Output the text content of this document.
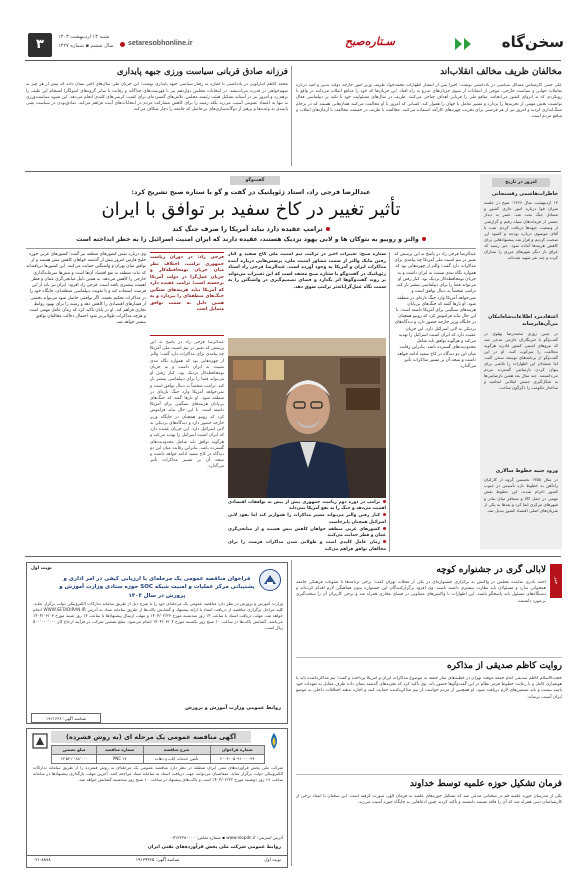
۳	شنبه ۱۳ اردیبهشت ۱۴۰۳
سال ششم ▪ شماره ۱۲۲۷ setaresobhonline.ir	سـتاره‌صبح	سخن‌گاه
مخالفان ظریف مخالف انقلاب‌اند
علی جنتی کارشناس مسائل سیاسی در یادداشتی نوشت: اخیراً پس از انتشار اظهارات محمدجواد ظریف وزیر امور خارجه دولت تدبیر و امید درباره تعاملات جهانی و سیاست خارجی، موجی از انتقادات از سوی جریان‌های تندرو به راه افتاد. این جریان‌ها که خود را مدافع انقلاب می‌دانند در واقع با رویکردی که به انزوای کشور می‌انجامد، منافع ملی را قربانی اهداف جناحی می‌کنند. ظریف در سال‌های مسئولیت خود با تکیه بر دیپلماسی فعال توانست بخش مهمی از تحریم‌ها را بردارد و مسیر تعامل با جهان را هموار کند. کسانی که امروز با او مخالفت می‌کنند همان‌هایی هستند که در برجام سنگ‌اندازی کردند و امروز نیز از هر فرصتی برای تخریب چهره‌های کارآمد استفاده می‌کنند. مخالفت با ظریف در حقیقت مخالفت با آرمان‌های انقلاب و منافع مردم است.
فرزانه صادق قربانی سیاست ورزی جبهه پایداری
محمد کاظم انبارلویی در یادداشتی با اشاره به رفتار سیاسی جبهه پایداری نوشت: این جریان طی سال‌های اخیر نشان داده که بیش از هر چیز به سهم‌خواهی در قدرت می‌اندیشد. در انتخابات مجلس دوازدهم نیز با فهرست‌های جداگانه و رقابت با سایر گروه‌های اصولگرا انسجام این طیف را برهم زد و امروز نیز در آستانه تشکیل هیئت رئیسه مجلس، تلاش‌های گسترده‌ای برای کسب کرسی‌های کلیدی انجام می‌دهد. این شیوه سیاست‌ورزی نه تنها به اعتماد عمومی آسیب می‌زند بلکه زمینه را برای کاهش مشارکت مردم در انتخابات‌های آینده فراهم می‌کند. صادق‌بودن در سیاست یعنی پایبندی به وعده‌ها و پرهیز از دوگانه‌سازی‌های بی‌حاصل که جامعه را دچار شکاف می‌کند.
امروز در تاریخ
خاطرات‌هاشمی رفسنجانی
۱۳ اردیبهشت سال ۱۳۶۶: صبح در جلسه سران قوا درباره امور جاری کشور و مسائل جنگ بحث شد. عصر به دیدار جمعی از فرماندهان سپاه رفتم و گزارشی از وضعیت جبهه‌ها دریافت کردم. شب با آقای موسوی درباره بودجه و کمبود ارز صحبت کردیم و قرار شد پیشنهادهایی برای کاهش هزینه‌ها آماده شود. خبر رسید که عراق بار دیگر شهرهای مرزی را بمباران کرده و چند نفر شهید شده‌اند.
اعتقادمزد اطلاعات‌شاه‌امکان می‌آن‌ها‌برساند
در چنین روزی محمدرضا پهلوی در گفت‌وگو با خبرنگاران خارجی مدعی شد که نیروهای امنیتی کشور قادرند هرگونه مخالفت را سرکوب کنند. او در این گفت‌وگو از برنامه‌های توسعه سخن گفت اما منتقدان این اظهارات را تلاشی برای پنهان کردن نارضایتی گسترده مردم می‌دانستند. چند سال بعد همین نارضایتی‌ها به شکل‌گیری جنبش انقلابی انجامید و ساختار حکومت را دگرگون ساخت.
ورود جنبه خطوط سالاری
در سال ۱۳۵۸ نخستین گروه از کارکنان راه‌آهن به خطوط تازه تأسیس در جنوب کشور اعزام شدند. این خطوط نقش مهمی در حمل کالا و مسافر میان بنادر و شهرهای مرکزی ایفا کرد و بعدها به یکی از شریان‌های اصلی اقتصاد کشور تبدیل شد.
گفت‌وگو
عبدالرضا فرجی راد، استاد ژئوپلتیک در گفت و گو با ستاره صبح تشریح کرد:
تأثیر تغییر در کاخ سفید بر توافق با ایران
ترامپ عقیده دارد نباید آمریکا را صرف جنگ کند
والتز و روبیو به نتوکان ها و لابی یهود نزدیک هستند، عقیده دارند که ایران امنیت اسرائیل را به خطر انداخته است
عبدالرضا فرجی راد در پاسخ به این پرسش که تغییر در تیم امنیت ملی آمریکا چه پیامدی برای مذاکرات دارد گفت: والتز از چهره‌هایی بود که همواره نگاه تندی نسبت به ایران داشت و به جریان نومحافظه‌کار نزدیک بود. کنار رفتن او می‌تواند فضا را برای دیپلماسی بیشتر باز کند. ترامپ شخصاً به دنبال توافق است و نمی‌خواهد آمریکا وارد جنگ تازه‌ای در منطقه شود. او بارها گفته که جنگ‌های بی‌پایان هزینه‌های سنگینی برای آمریکا داشته است. با این حال نباید فراموش کرد که روبیو همچنان در جایگاه وزیر خارجه حضور دارد و دیدگاه‌های نزدیکی به لابی اسرائیل دارد. این جریان عقیده دارد که ایران امنیت اسرائیل را تهدید می‌کند و هرگونه توافق باید شامل محدودیت‌های گسترده باشد. بنابراین رقابت میان این دو دیدگاه در کاخ سفید ادامه خواهد داشت و نتیجه آن بر مسیر مذاکرات تأثیر می‌گذارد.
ستاره صبح: تغییرات اخیر در ترکیب تیم امنیت ملی کاخ سفید و کنار رفتن مایک والتز از سمت مشاور امنیت ملی، پرسش‌هایی درباره آینده مذاکرات ایران و آمریکا به وجود آورده است. عبدالرضا فرجی راد استاد ژئوپلتیک در گفت‌وگو با ستاره صبح معتقد است که این تغییرات می‌تواند بر روند گفت‌وگوها اثر بگذارد و فضای تصمیم‌گیری در واشنگتن را به سمت نگاه عمل‌گرایانه‌تر ترامپ سوق دهد.
فرجی راد: در دوران ریاست جمهوری ترامپ، اختلاف نظر میان جریان نومحافظه‌کار و جریان عمل‌گرا در دولت آمریکا برجسته است؛ ترامپ عقیده دارد که آمریکا نباید هزینه‌های سنگین جنگ‌های منطقه‌ای را بپردازد و به همین دلیل به سمت توافق متمایل است
ترامپ در دوره دوم ریاست جمهوری بیش از پیش به توافقات اقتصادی اهمیت می‌دهد و جنگ را به نفع آمریکا نمی‌داند
کنار رفتن والتز می‌تواند مسیر مذاکرات را هموارتر کند اما نفوذ لابی اسرائیل همچنان پابرجاست
کشورهای عربی منطقه خواهان کاهش تنش هستند و از میانجی‌گری عمان و قطر حمایت می‌کنند
زمان عامل کلیدی است و طولانی شدن مذاکرات فرصت را برای مخالفان توافق فراهم می‌کند
وی درباره نقش کشورهای منطقه نیز گفت: کشورهای عربی حوزه خلیج فارس امروز بیش از گذشته خواهان کاهش تنش هستند و از توافق میان تهران و واشنگتن حمایت می‌کنند. این کشورها دریافته‌اند که ثبات منطقه به نفع اقتصاد آن‌ها است و تنش‌ها سرمایه‌گذاری خارجی را کاهش می‌دهد. به همین دلیل میانجی‌گری عمان و قطر اهمیت بیشتری یافته است. فرجی راد افزود: ایران نیز باید از این فرصت استفاده کند و با تقویت دیپلماسی منطقه‌ای، جایگاه خود را در مذاکرات تحکیم بخشد. اگر توافقی حاصل شود می‌تواند بخشی از فشارهای اقتصادی را کاهش دهد و زمینه را برای بهبود روابط تجاری فراهم کند. او در پایان تأکید کرد که زمان عامل مهمی است و هرچه مذاکرات طولانی‌تر شود احتمال دخالت مخالفان توافق بیشتر خواهد شد.
عبدالرضا فرجی راد در پاسخ به این پرسش که تغییر در تیم امنیت ملی آمریکا چه پیامدی برای مذاکرات دارد گفت: والتز از چهره‌هایی بود که همواره نگاه تندی نسبت به ایران داشت و به جریان نومحافظه‌کار نزدیک بود. کنار رفتن او می‌تواند فضا را برای دیپلماسی بیشتر باز کند. ترامپ شخصاً به دنبال توافق است و نمی‌خواهد آمریکا وارد جنگ تازه‌ای در منطقه شود. او بارها گفته که جنگ‌های بی‌پایان هزینه‌های سنگینی برای آمریکا داشته است. با این حال نباید فراموش کرد که روبیو همچنان در جایگاه وزیر خارجه حضور دارد و دیدگاه‌های نزدیکی به لابی اسرائیل دارد. این جریان عقیده دارد که ایران امنیت اسرائیل را تهدید می‌کند و هرگونه توافق باید شامل محدودیت‌های گسترده باشد. بنابراین رقابت میان این دو دیدگاه در کاخ سفید ادامه خواهد داشت و نتیجه آن بر مسیر مذاکرات تأثیر می‌گذارد.
خبر
لابالی گری در جشنواره کوچه
احمد نادری نماینده مجلس در واکنش به برگزاری جشنواره‌ای در یکی از محلات تهران گفت: برخی برنامه‌ها با شئونات فرهنگی جامعه همخوانی ندارد و مسئولان باید نظارت بیشتری داشته باشند. وی افزود برگزارکنندگان این جشنواره بدون هماهنگی لازم اقدام کرده‌اند و دستگاه‌های مسئول باید پاسخگو باشند. این اظهارات با واکنش‌های متفاوتی در فضای مجازی همراه شد و برخی کاربران آن را سخت‌گیری بی‌مورد دانستند.
روایت کاظم صدیقی از مذاکره
حجت‌الاسلام کاظم صدیقی امام جمعه موقت تهران در خطبه‌های نماز جمعه به موضوع مذاکرات ایران و آمریکا پرداخت و گفت: تیم مذاکره‌کننده باید با هوشیاری کامل و با رعایت خطوط قرمز نظام در این گفت‌وگوها حضور یابد. وی تأکید کرد که تجربه‌های گذشته نشان داده طرف مقابل به تعهدات خود پایبند نیست و باید تضمین‌های لازم دریافت شود. او همچنین از مردم خواست از تیم مذاکره‌کننده حمایت کنند و اجازه ندهند اختلافات داخلی به موضع ایران آسیب برساند.
فرمان تشکیل حوزه علمیه توسط خداوند
یکی از مدرسان حوزه علمیه قم در سخنانی مدعی شد که تشکیل حوزه‌های علمیه به فرمان الهی صورت گرفته است. این سخنان با انتقاد برخی از کارشناسان دینی همراه شد که آن را فاقد مستند دانستند و تأکید کردند چنین ادعاهایی به جایگاه حوزه آسیب می‌زند.
نوبت اول
فراخوان مناقصه عمومی یک مرحله‌ای با ارزیابی کیفی در امر اداری و پشتیبانی مرکز عملیات و امنیت شبکه SOC حوزه ستادی وزارت آموزش و پرورش در سال ۱۴۰۴
وزارت آموزش و پرورش در نظر دارد مناقصه عمومی یک مرحله‌ای خود را با شرح ذیل از طریق سامانه تدارکات الکترونیکی دولت برگزار نماید. کلیه مراحل برگزاری مناقصه از دریافت اسناد تا ارائه پیشنهاد و گشایش پاکت‌ها از طریق سامانه ستاد به آدرس WWW.SETADIRAN.IR انجام خواهد شد. مهلت دریافت اسناد تا ساعت ۱۴ روز سه‌شنبه مورخ ۱۴۰۴/۰۲/۲۳ و مهلت ارسال پیشنهادها تا ساعت ۱۴ روز شنبه مورخ ۱۴۰۴/۰۳/۰۳ می‌باشد. گشایش پاکت‌ها در ساعت ۱۰ صبح روز یکشنبه مورخ ۱۴۰۴/۰۳/۰۴ انجام می‌شود. مبلغ تضمین شرکت در فرآیند ارجاع کار ۵۰۰٬۰۰۰٬۰۰۰ ریال است.
روابط عمومی وزارت آموزش و پرورش
شناسه آگهی: ۱۹۱۱۶۶۶
آگهی مناقصه عمومی یک مرحله ای (به روش فشرده)
شماره فراخوان	شرح مناقصه	شماره مناقصه	مبلغ تضمین
۲۰۰۴۰۰۵۰۹۱۰۰۰۰۴۴	تأمین خدمات ایاب و ذهاب	PNC ۱۷	۱۳٬۵۴۱٬۰۸۸٬۰۰۰
شرکت ملی پخش فرآورده‌های نفتی ایران منطقه در نظر دارد مناقصه عمومی یک مرحله‌ای به روش فشرده را از طریق سامانه تدارکات الکترونیکی دولت برگزار نماید. متقاضیان می‌توانند جهت دریافت اسناد به سامانه ستاد مراجعه کنند. آخرین مهلت بارگذاری پیشنهادها در سامانه ساعت ۱۹ روز دوشنبه مورخ ۱۴۰۴/۰۲/۲۲ است و پاکت‌های پیشنهاد در ساعت ۱۰ صبح روز سه‌شنبه گشایش خواهد شد.
آدرس اینترنتی: www.niopdc.ir ▪ شماره تماس: ۰۷۱۳۶۲۸۰۰۰۰
روابط عمومی شرکت ملی پخش فرآورده‌های نفتی ایران
نوبت اول
شناسه آگهی: ۱۹۱۳۹۴۶۵
۰۲۱-۸۸۷۸
